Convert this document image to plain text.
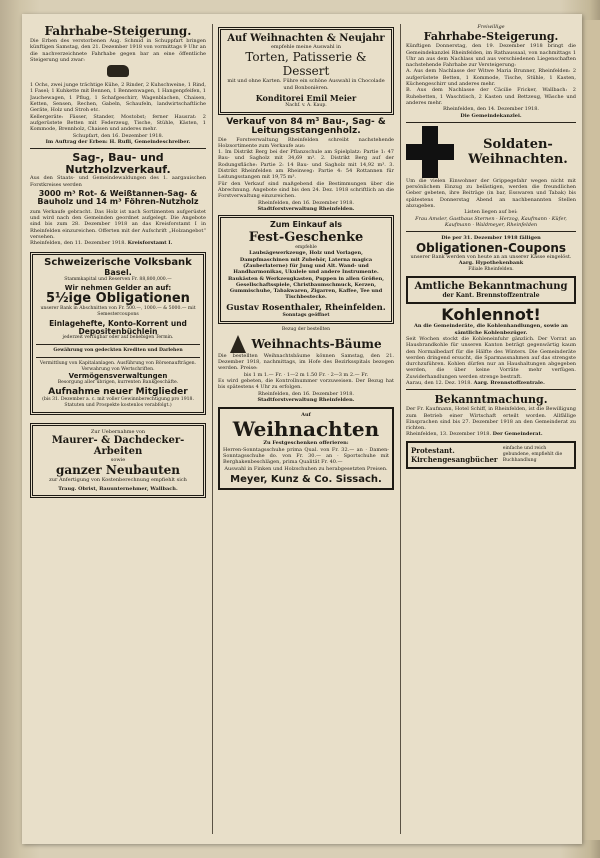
Fahrhabe-Steigerung.
Die Erben des verstorbenen Aug. Schmid in Schuppfart bringen künftigen Samstag, den 21. Dezember 1918 von vormittags 9 Uhr an die nachverzeichnete Fahrhabe gegen bar an eine öffentliche Steigerung und zwar:
1 Ochs, zwei junge trächtige Kühe, 2 Rinder, 2 Kuhschweine, 1 Rind, 1 Fasel; 1 Kuhkette mit Bennen, 1 Bennenwagen, 1 Hangenpfeifen, 1 Jauchewagen, 1 Pflug, 1 Schafgeschirr, Wagenblachen, Chaisen, Ketten, Sensen, Rechen, Gabeln, Schaufeln, landwirtschaftliche Geräte, Holz und Stroh etc.
Kellergeräte: Fässer, Stander, Mostobst; ferner Hausrat: 2 aufgerüstete Betten mit Federzeug, Tische, Stühle, Kästen, 1 Kommode, Brennholz, Chaisen und anderes mehr.
Schupfart, den 16. Dezember 1918.
Im Auftrag der Erben: H. Rufli, Gemeindeschreiber.
Sag-, Bau- und Nutzholzverkauf.
Aus den Staats- und Gemeindewaldungen des 1. aargauischen Forstkreises werden
3000 m³ Rot- & Weißtannen-Sag- & Bauholz und 14 m³ Föhren-Nutzholz
zum Verkaufe gebracht. Das Holz ist nach Sortimenten aufgerüstet und wird nach den Gemeinden geordnet aufgelegt. Die Angebote sind bis zum 28. Dezember 1918 an das Kreisforstamt I in Rheinfelden einzureichen. Offerten mit der Aufschrift „Holzangebot“ versehen.
Rheinfelden, den 11. Dezember 1918. Kreisforstamt I.
Schweizerische Volksbank
Basel.
Stammkapital und Reserven Fr. 88,800,000.—
Wir nehmen Gelder an auf:
5½ige Obligationen
unserer Bank in Abschnitten von Fr. 500.—, 1000.— & 5000.— mit Semestercoupons
Einlagehefte, Konto-Korrent und Depositenbüchlein
jederzeit verfügbar oder auf beliebigen Termin.
Gewährung von gedeckten Krediten und Darlehen
Vermittlung von Kapitalanlagen. Ausführung von Börsenaufträgen. Verwahrung von Wertschriften.
Vermögensverwaltungen
Besorgung aller übrigen, kurrenten Bankgeschäfte.
Aufnahme neuer Mitglieder
(bis 31. Dezember a. c. mit voller Gewinnberechtigung pro 1918. Statuten und Prospekte kostenlos verabfolgt.)
Zur Uebernahme von
Maurer- & Dachdecker-Arbeiten
sowie
ganzer Neubauten
zur Anfertigung von Kostenberechnung empfiehlt sich
Traug. Obrist, Bauunternehmer, Wallbach.
Auf Weihnachten & Neujahr
empfehle meine Auswahl in
Torten, Patisserie & Dessert
mit und ohne Karten. Führe ein schöne Auswahl in Chocolade und Bonbonièren.
Konditorei Emil Meier
Nachf. v. A. Kaup.
Verkauf von 84 m³ Bau-, Sag- & Leitungsstangenholz.
Die Forstverwaltung Rheinfelden schreibt nachstehende Holzsortimente zum Verkaufe aus:
1. Im Distrikt Berg bei der Pflanzschule am Spielplatz: Partie 1: 47 Bau- und Sagholz mit 34,69 m³. 2. Distrikt Berg auf der Rodungsfläche: Partie 2: 14 Bau- und Sagholz mit 14,92 m³. 3. Distrikt Rheinfelden am Rheinweg: Partie 4: 54 Rottannen für Leitungsstangen mit 19,75 m³.
Für den Verkauf sind maßgebend die Bestimmungen über die Abrechnung. Angebote sind bis den 24. Dez. 1918 schriftlich an die Forstverwaltung einzureichen.
Rheinfelden, den 16. Dezember 1918.
Stadtforstverwaltung Rheinfelden.
Zum Einkauf als
Fest-Geschenke
empfehle
Laubsägewerkzeuge, Holz und Vorlagen, Dampfmaschinen mit Zubehör, Laterna magica (Zauberlaterne) für Jung und Alt. Wand- und Handharmonikas, Ukulele und andere Instrumente. Baukästen & Werkzeugkasten, Puppen in allen Größen, Gesellschaftsspiele, Christbaumschmuck, Kerzen, Gummischuhe, Tabakwaren, Zigarren, Kaffee, Tee und Tischbestecke.
Gustav Rosenthaler, Rheinfelden.
Sonntags geöffnet
Bezug der bestellten
Weihnachts-Bäume
Die bestellten Weihnachtsbäume können Samstag, den 21. Dezember 1918, nachmittags, im Hofe des Bezirksspitals bezogen werden. Preise:
bis 1 m 1.— Fr. · 1—2 m 1.50 Fr. · 2—3 m 2.— Fr.
Es wird gebeten, die Kontrollnummer vorzuweisen. Der Bezug hat bis spätestens 4 Uhr zu erfolgen.
Rheinfelden, den 16. Dezember 1918.
Stadtforstverwaltung Rheinfelden.
Auf
Weihnachten
Zu Festgeschenken offerieren:
Herren-Sonntagsschuhe prima Qual. von Fr. 32.— an · Damen-Sonntagsschuhe do. von Fr. 30.— an · Sportschuhe mit Berghakenbeschlägen, prima Qualität Fr. 40.—
Auswahl in Finken und Holzschuhen zu herabgesetzten Preisen.
Meyer, Kunz & Co. Sissach.
Freiwillige
Fahrhabe-Steigerung.
Künftigen Donnerstag, den 19. Dezember 1918 bringt die Gemeindekanzlei Rheinfelden, im Rathaussaal, von nachmittags 1 Uhr an aus dem Nachlass und aus verschiedenen Liegenschaften nachstehende Fahrhabe zur Versteigerung:
A. Aus dem Nachlasse der Witwe Maria Brunner, Rheinfelden: 2 aufgerüstete Betten, 1 Kommode, Tische, Stühle, 1 Kasten, Küchengeschirr und anderes mehr.
B. Aus dem Nachlasse der Cäcilie Fricker, Wallbach: 2 Ruhebetten, 1 Waschtisch, 2 Kasten und Bettzeug, Wäsche und anderes mehr.
Rheinfelden, den 14. Dezember 1918.
Die Gemeindekanzlei.
Soldaten-Weihnachten.
Um die vielen Einwohner der Grippegefahr wegen nicht mit persönlichem Einzug zu belästigen, werden die freundlichen Geber gebeten, ihre Beiträge (in bar, Esswaren und Tabak) bis spätestens Donnerstag Abend an nachbenannten Stellen abzugeben.
Listen liegen auf bei:
Frau Amsler, Gasthaus Sternen · Herzog, Kaufmann · Küfer, Kaufmann · Waldmeyer, Rheinfelden
Die per 31. Dezember 1918 fälligen
Obligationen-Coupons
unserer Bank werden von heute an an unserer Kasse eingelöst.
Aarg. Hypothekenbank
Filiale Rheinfelden.
Amtliche Bekanntmachung
der Kant. Brennstoffzentrale
Kohlennot!
An die Gemeinderäte, die Kohlenhandlungen, sowie an sämtliche Kohlenbezüger.
Seit Wochen stockt die Kohleneinfuhr gänzlich. Der Vorrat an Hausbrandkohle für unseren Kanton beträgt gegenwärtig kaum den Normalbedarf für die Hälfte des Winters. Die Gemeinderäte werden dringend ersucht, die Sparmassnahmen auf das strengste durchzuführen. Kohlen dürfen nur an Haushaltungen abgegeben werden, die über keine Vorräte mehr verfügen. Zuwiderhandlungen werden strenge bestraft.
Aarau, den 12. Dez. 1918. Aarg. Brennstoffzentrale.
Bekanntmachung.
Der Fr. Kaufmann, Hotel Schiff, in Rheinfelden, ist die Bewilligung zum Betrieb einer Wirtschaft erteilt worden. Allfällige Einsprachen sind bis 27. Dezember 1918 an den Gemeinderat zu richten.
Rheinfelden, 13. Dezember 1918. Der Gemeinderat.
Protestant. Kirchengesangbücher
einfache und reich gebundene, empfiehlt die Buchhandlung
